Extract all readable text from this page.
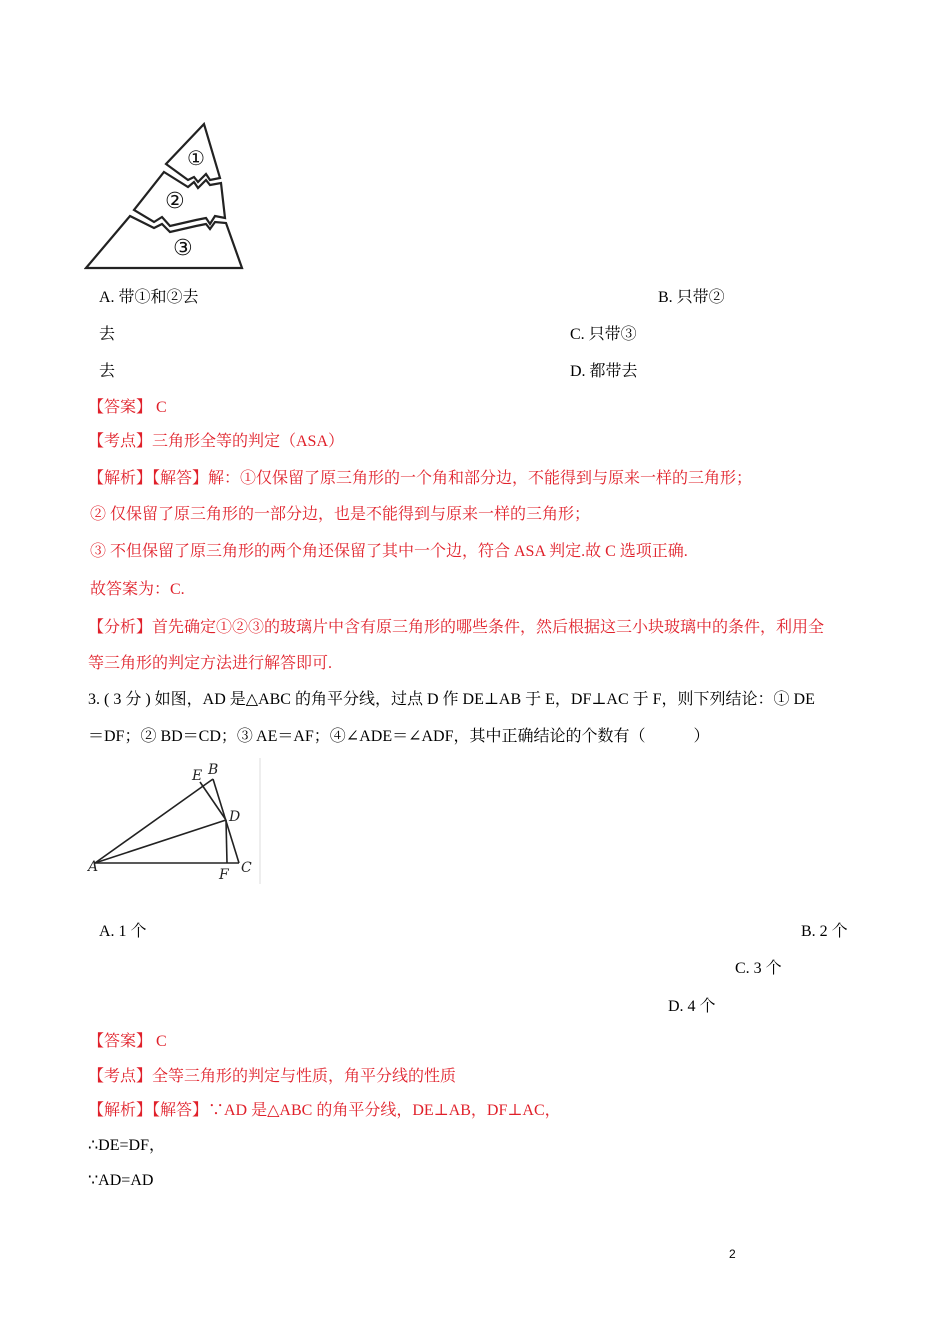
①
②
③
A. 带①和②去	B. 只带②
去	C. 只带③
去	D. 都带去
【答案】 C
【考点】三角形全等的判定（ASA）
【解析】【解答】解：①仅保留了原三角形的一个角和部分边，不能得到与原来一样的三角形；
② 仅保留了原三角形的一部分边，也是不能得到与原来一样的三角形；
③ 不但保留了原三角形的两个角还保留了其中一个边，符合 ASA 判定.故 C 选项正确.
故答案为：C.
【分析】首先确定①②③的玻璃片中含有原三角形的哪些条件，然后根据这三小块玻璃中的条件，利用全
等三角形的判定方法进行解答即可.
3. ( 3 分 ) 如图，AD 是△ABC 的角平分线，过点 D 作 DE⊥AB 于 E，DF⊥AC 于 F，则下列结论：① DE
＝DF；② BD＝CD；③ AE＝AF；④∠ADE＝∠ADF，其中正确结论的个数有（　　　）
A
B
C
D
E
F
A. 1 个	B. 2 个
C. 3 个
D. 4 个
【答案】 C
【考点】全等三角形的判定与性质，角平分线的性质
【解析】【解答】∵AD 是△ABC 的角平分线，DE⊥AB，DF⊥AC，
∴DE=DF，
∵AD=AD
2
